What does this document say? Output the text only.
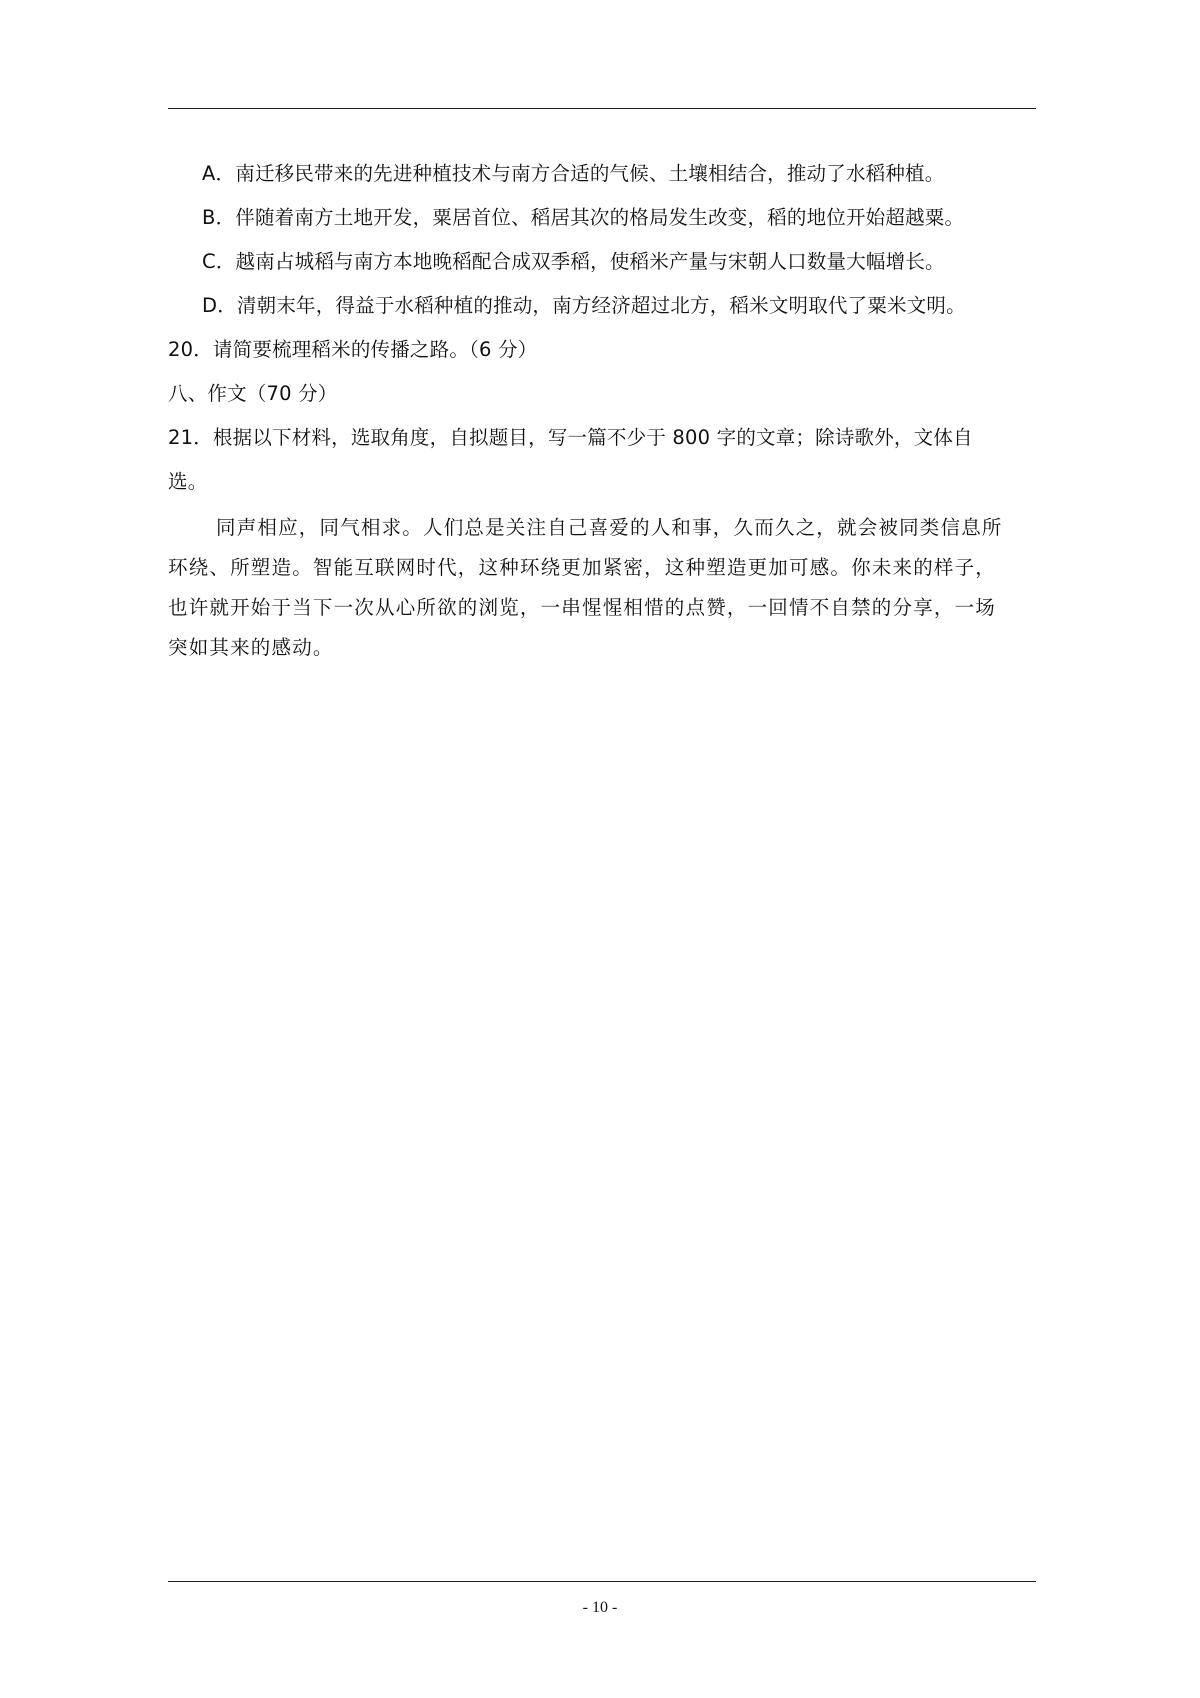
A．南迁移民带来的先进种植技术与南方合适的气候、土壤相结合，推动了水稻种植。
B．伴随着南方土地开发，粟居首位、稻居其次的格局发生改变，稻的地位开始超越粟。
C．越南占城稻与南方本地晚稻配合成双季稻，使稻米产量与宋朝人口数量大幅增长。
D．清朝末年，得益于水稻种植的推动，南方经济超过北方，稻米文明取代了粟米文明。
20．请简要梳理稻米的传播之路。（6 分）
八、作文（70 分）
21．根据以下材料，选取角度，自拟题目，写一篇不少于 800 字的文章；除诗歌外，文体自
选。
同声相应，同气相求。人们总是关注自己喜爱的人和事，久而久之，就会被同类信息所
环绕、所塑造。智能互联网时代，这种环绕更加紧密，这种塑造更加可感。你未来的样子，
也许就开始于当下一次从心所欲的浏览，一串惺惺相惜的点赞，一回情不自禁的分享，一场
突如其来的感动。
- 10 -
